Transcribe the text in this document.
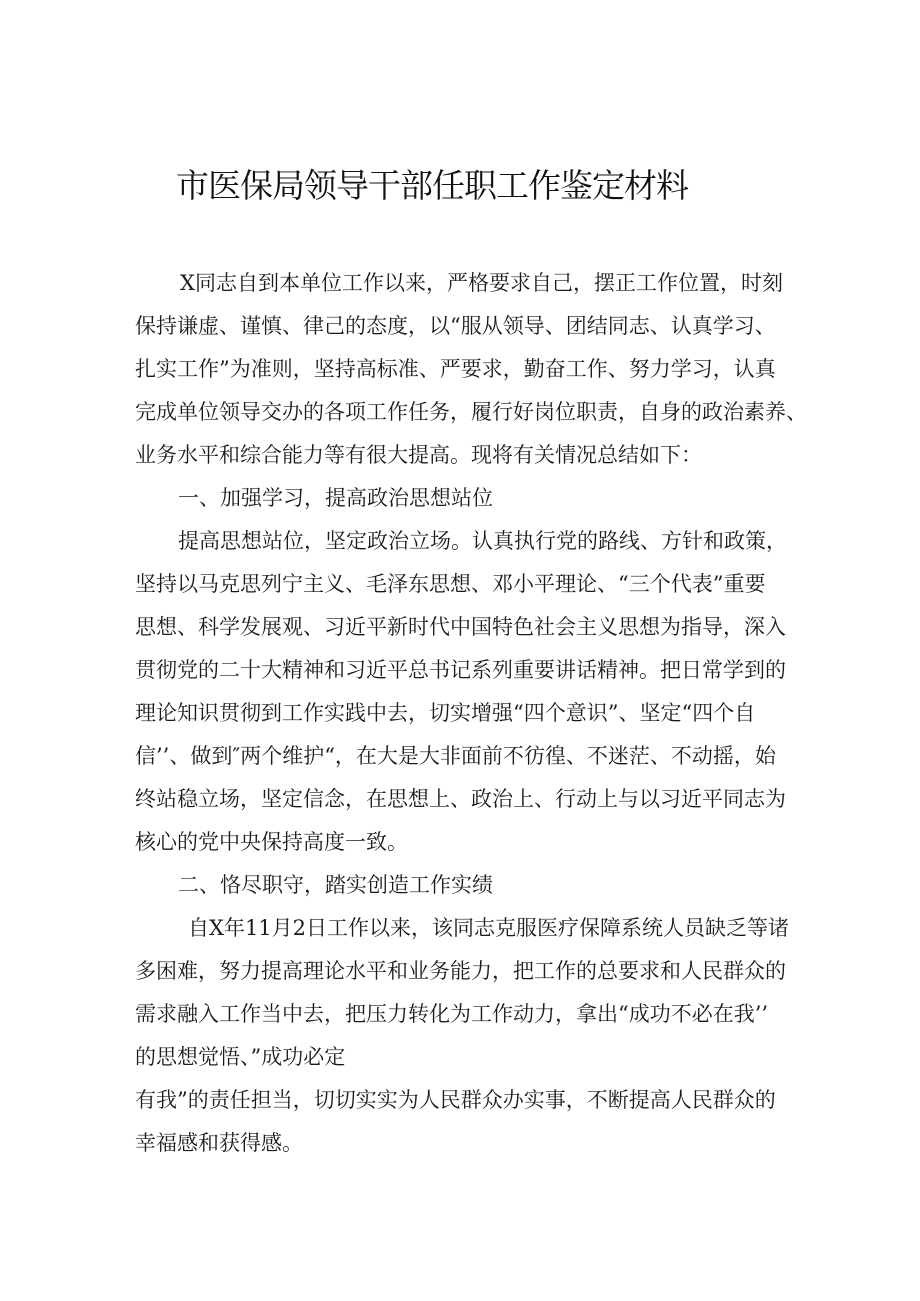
市医保局领导干部任职工作鉴定材料
X同志自到本单位工作以来，严格要求自己，摆正工作位置，时刻
保持谦虚、谨慎、律己的态度，以“服从领导、团结同志、认真学习、
扎实工作”为准则，坚持高标准、严要求，勤奋工作、努力学习，认真
完成单位领导交办的各项工作任务，履行好岗位职责，自身的政治素养、
业务水平和综合能力等有很大提高。现将有关情况总结如下：
一、加强学习，提高政治思想站位
提高思想站位，坚定政治立场。认真执行党的路线、方针和政策，
坚持以马克思列宁主义、毛泽东思想、邓小平理论、“三个代表”重要
思想、科学发展观、习近平新时代中国特色社会主义思想为指导，深入
贯彻党的二十大精神和习近平总书记系列重要讲话精神。把日常学到的
理论知识贯彻到工作实践中去，切实增强“四个意识”、坚定“四个自
信’’、做到″两个维护“，在大是大非面前不彷徨、不迷茫、不动摇，始
终站稳立场，坚定信念，在思想上、政治上、行动上与以习近平同志为
核心的党中央保持高度一致。
二、恪尽职守，踏实创造工作实绩
自X年11月2日工作以来，该同志克服医疗保障系统人员缺乏等诸
多困难，努力提高理论水平和业务能力，把工作的总要求和人民群众的
需求融入工作当中去，把压力转化为工作动力，拿出“成功不必在我’’
的思想觉悟、”成功必定
有我”的责任担当，切切实实为人民群众办实事，不断提高人民群众的
幸福感和获得感。
